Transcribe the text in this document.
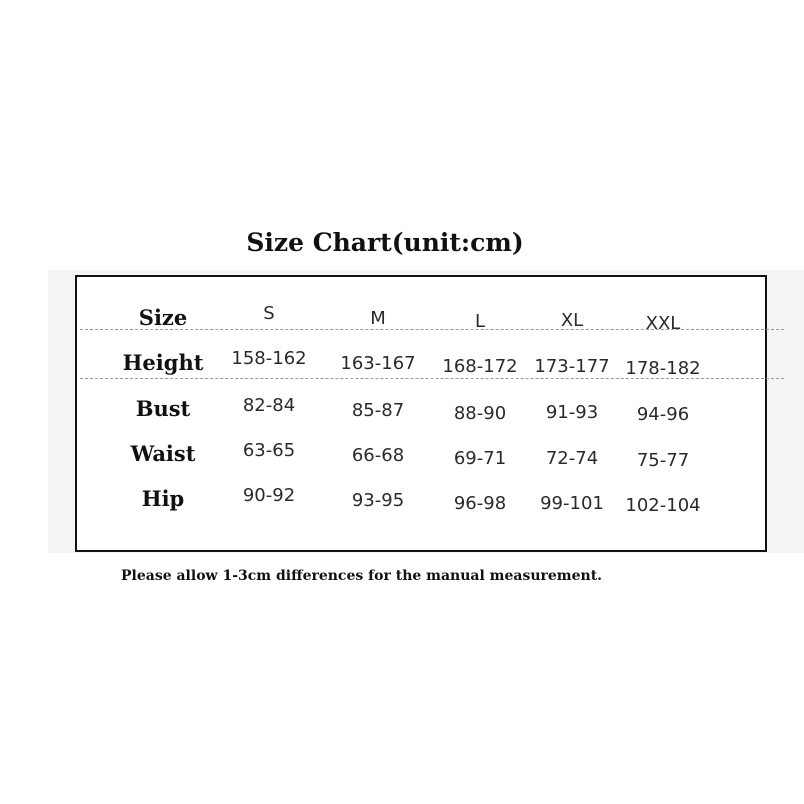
Size Chart(unit:cm)
Size	S	M	L	XL	XXL
Height	158-162	163-167	168-172 173-177 178-182
Bust	82-84	85-87	88-90	91-93	94-96
Waist	63-65	66-68	69-71	72-74	75-77
Hip	90-92	93-95	96-98	99-101	102-104
Please allow 1-3cm differences for the manual measurement.
